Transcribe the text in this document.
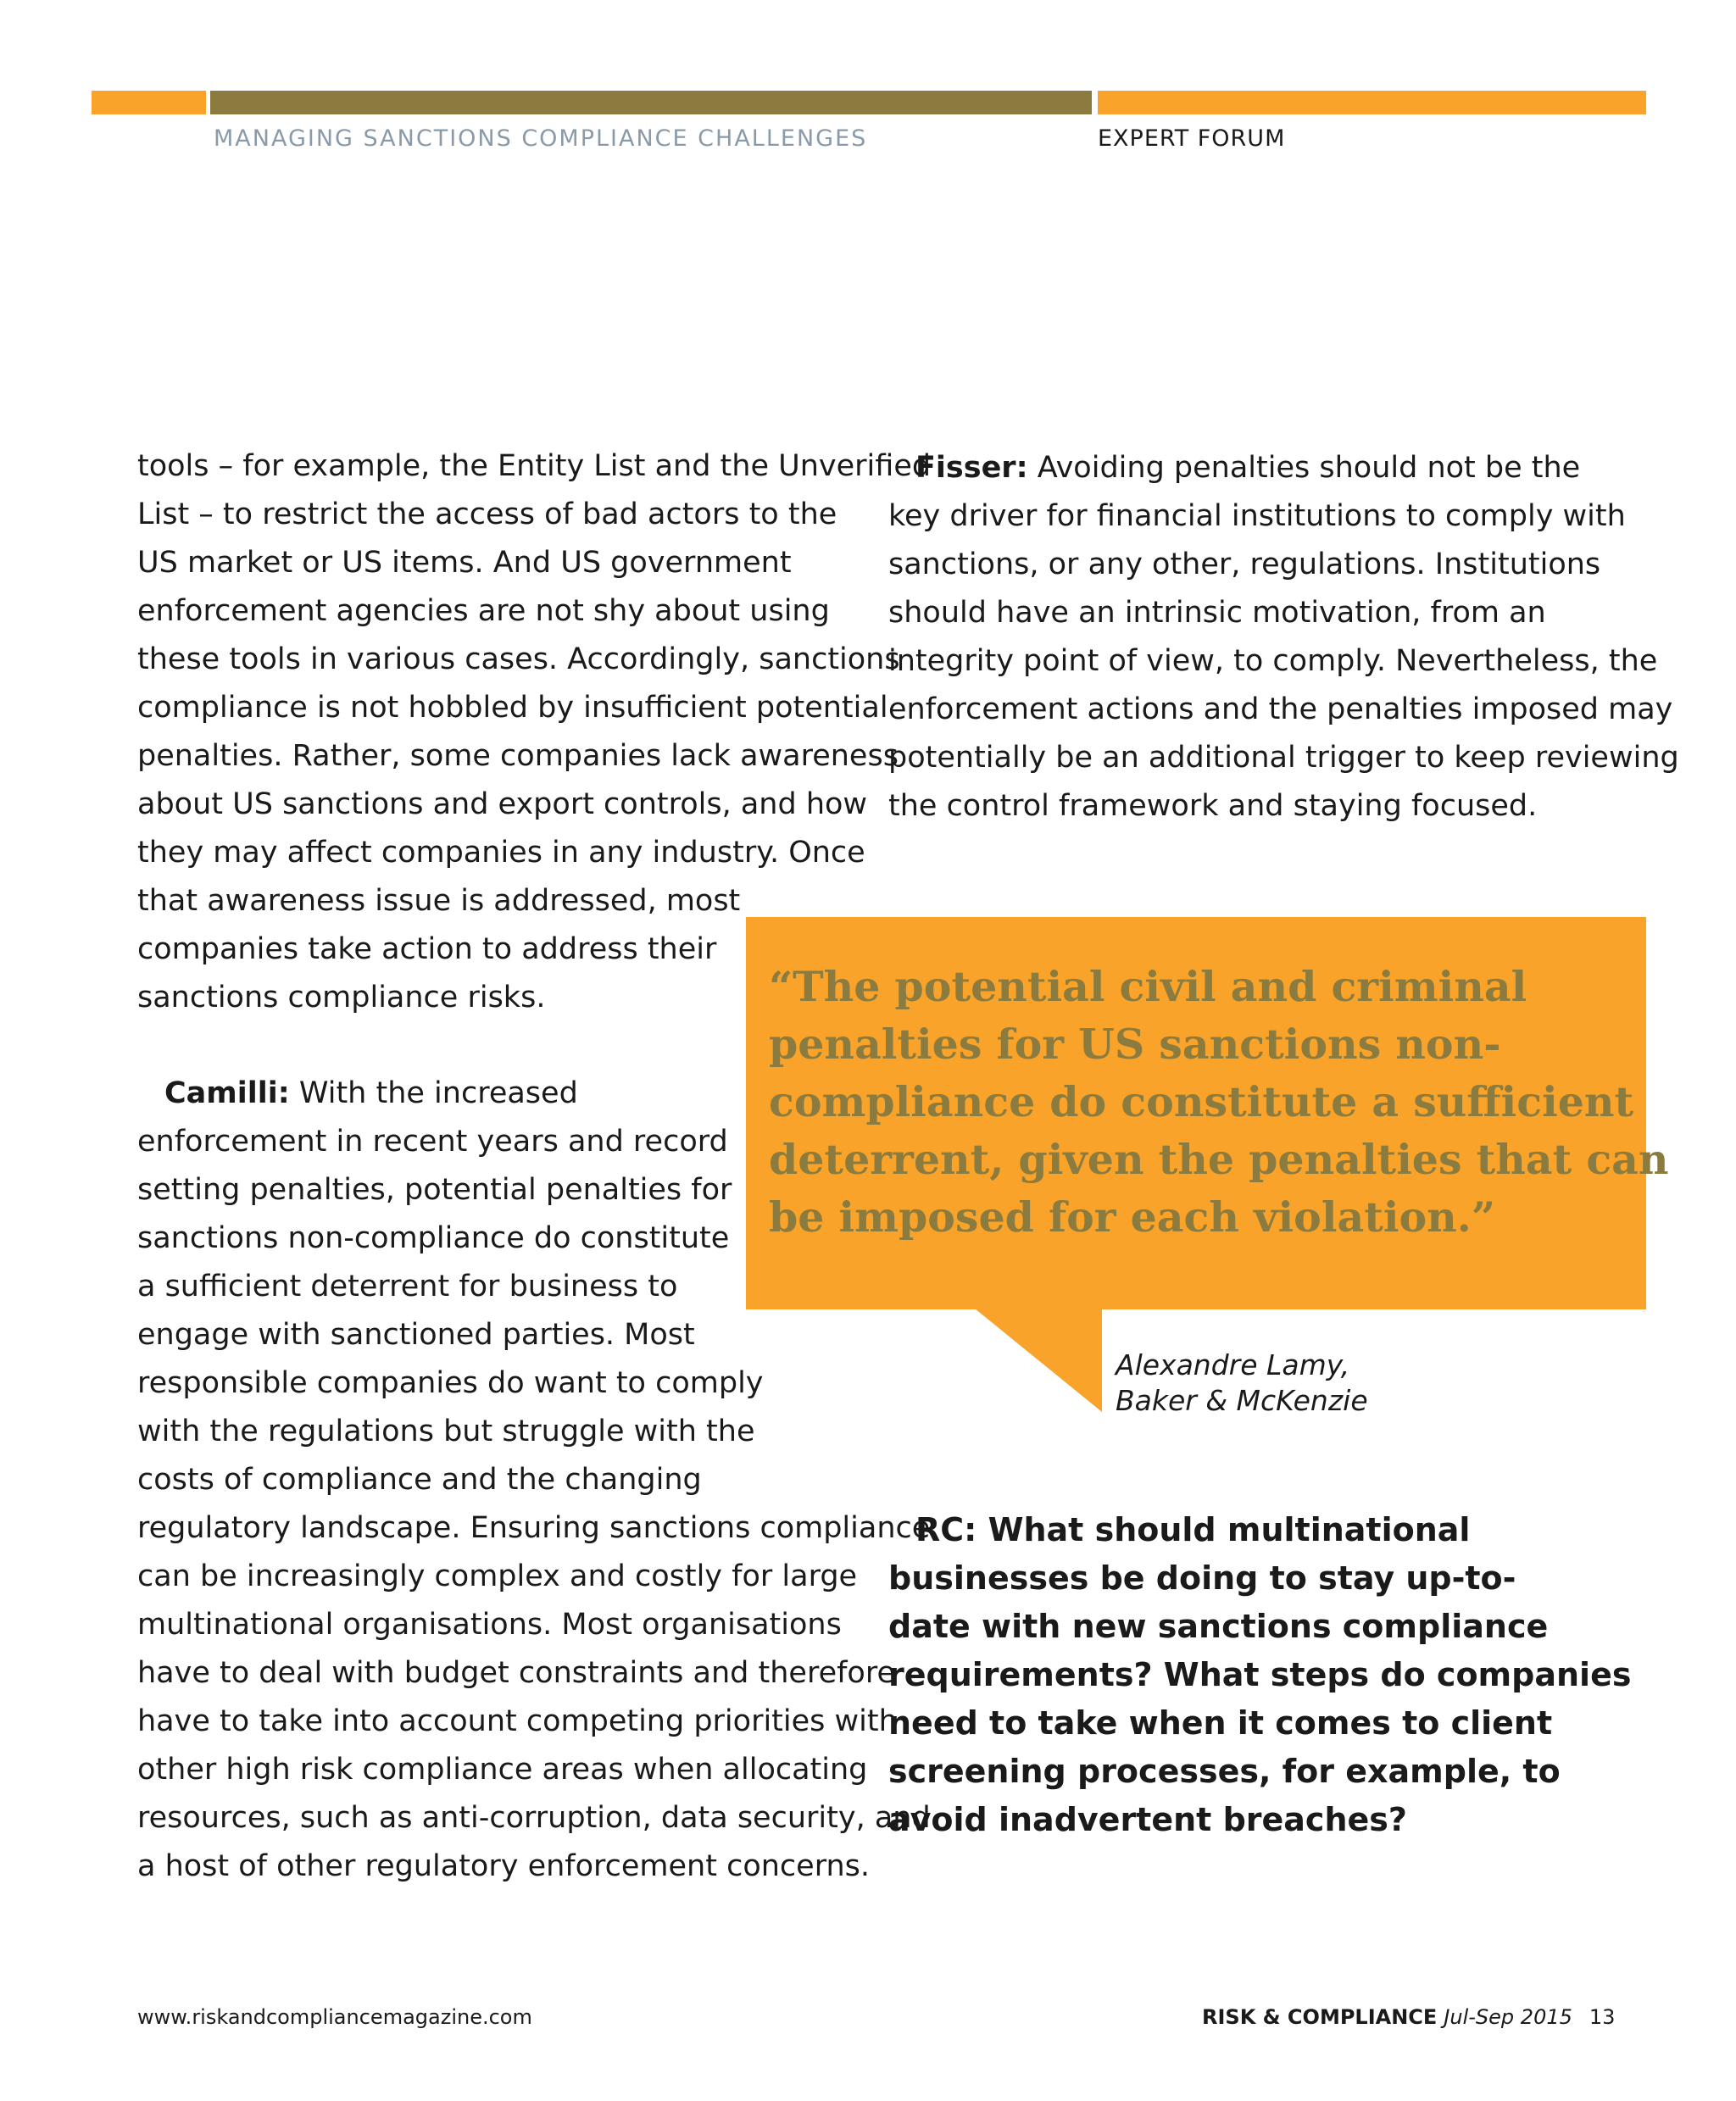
MANAGING SANCTIONS COMPLIANCE CHALLENGES	EXPERT FORUM
tools – for example, the Entity List and the Unverified
List – to restrict the access of bad actors to the
US market or US items. And US government
enforcement agencies are not shy about using
these tools in various cases. Accordingly, sanctions
compliance is not hobbled by insufficient potential
penalties. Rather, some companies lack awareness
about US sanctions and export controls, and how
they may affect companies in any industry. Once
that awareness issue is addressed, most
companies take action to address their
sanctions compliance risks.
Camilli: With the increased
enforcement in recent years and record
setting penalties, potential penalties for
sanctions non-compliance do constitute
a sufficient deterrent for business to
engage with sanctioned parties. Most
responsible companies do want to comply
with the regulations but struggle with the
costs of compliance and the changing
regulatory landscape. Ensuring sanctions compliance
can be increasingly complex and costly for large
multinational organisations. Most organisations
have to deal with budget constraints and therefore
have to take into account competing priorities with
other high risk compliance areas when allocating
resources, such as anti-corruption, data security, and
a host of other regulatory enforcement concerns.
Fisser: Avoiding penalties should not be the
key driver for financial institutions to comply with
sanctions, or any other, regulations. Institutions
should have an intrinsic motivation, from an
integrity point of view, to comply. Nevertheless, the
enforcement actions and the penalties imposed may
potentially be an additional trigger to keep reviewing
the control framework and staying focused.
“The potential civil and criminal
penalties for US sanctions non-
compliance do constitute a sufficient
deterrent, given the penalties that can
be imposed for each violation.”
Alexandre Lamy,
Baker & McKenzie
RC: What should multinational
businesses be doing to stay up-to-
date with new sanctions compliance
requirements? What steps do companies
need to take when it comes to client
screening processes, for example, to
avoid inadvertent breaches?
www.riskandcompliancemagazine.com	RISK & COMPLIANCE Jul-Sep 2015 13
